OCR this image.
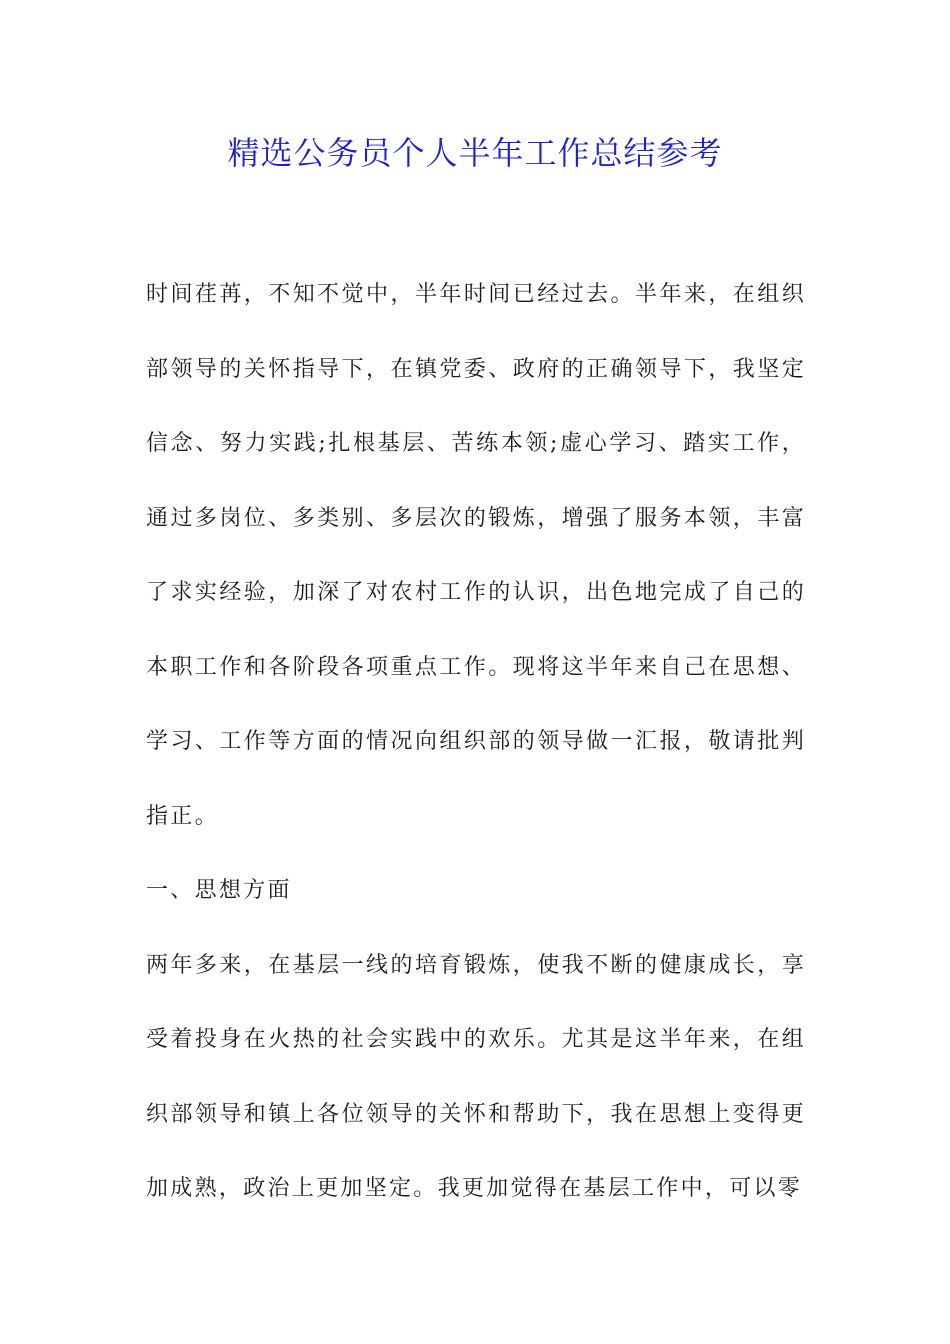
精选公务员个人半年工作总结参考

时间荏苒，不知不觉中，半年时间已经过去。半年来，在组织部领导的关怀指导下，在镇党委、政府的正确领导下，我坚定信念、努力实践;扎根基层、苦练本领;虚心学习、踏实工作，通过多岗位、多类别、多层次的锻炼，增强了服务本领，丰富了求实经验，加深了对农村工作的认识，出色地完成了自己的本职工作和各阶段各项重点工作。现将这半年来自己在思想、学习、工作等方面的情况向组织部的领导做一汇报，敬请批判指正。

一、思想方面

两年多来，在基层一线的培育锻炼，使我不断的健康成长，享受着投身在火热的社会实践中的欢乐。尤其是这半年来，在组织部领导和镇上各位领导的关怀和帮助下，我在思想上变得更加成熟，政治上更加坚定。我更加觉得在基层工作中，可以零
